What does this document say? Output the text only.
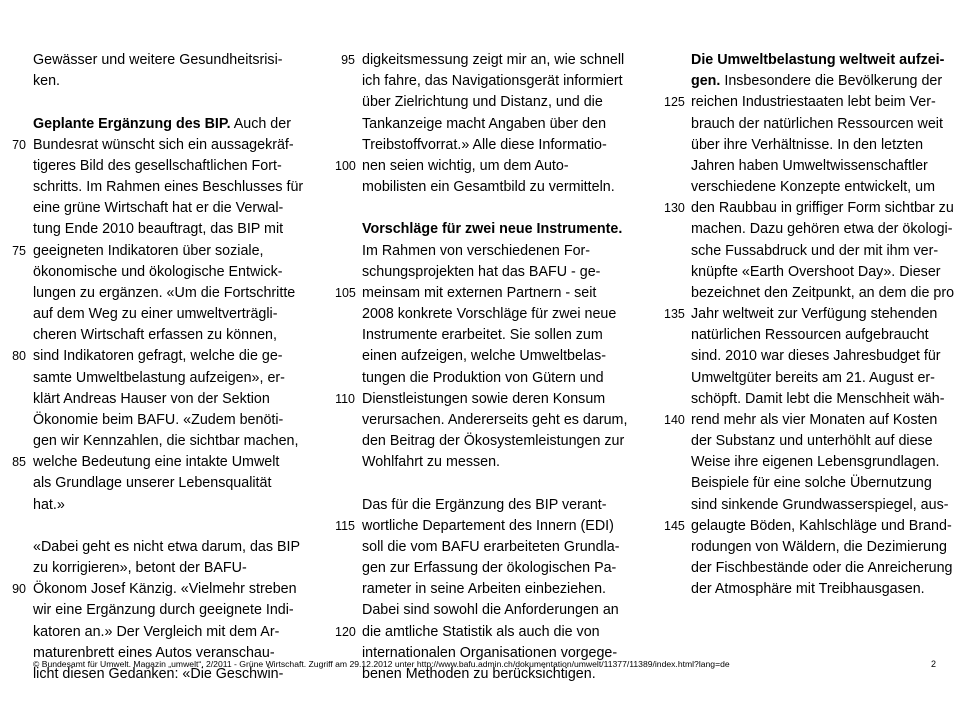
Gewässer und weitere Gesundheitsrisi-
ken.
Geplante Ergänzung des BIP. Auch der
70 Bundesrat wünscht sich ein aussagekräf-
tigeres Bild des gesellschaftlichen Fort-
schritts. Im Rahmen eines Beschlusses für
eine grüne Wirtschaft hat er die Verwal-
tung Ende 2010 beauftragt, das BIP mit
75 geeigneten Indikatoren über soziale,
ökonomische und ökologische Entwick-
lungen zu ergänzen. «Um die Fortschritte
auf dem Weg zu einer umweltverträgli-
cheren Wirtschaft erfassen zu können,
80 sind Indikatoren gefragt, welche die ge-
samte Umweltbelastung aufzeigen», er-
klärt Andreas Hauser von der Sektion
Ökonomie beim BAFU. «Zudem benöti-
gen wir Kennzahlen, die sichtbar machen,
85 welche Bedeutung eine intakte Umwelt
als Grundlage unserer Lebensqualität
hat.»
«Dabei geht es nicht etwa darum, das BIP
zu korrigieren», betont der BAFU-
90 Ökonom Josef Känzig. «Vielmehr streben
wir eine Ergänzung durch geeignete Indi-
katoren an.» Der Vergleich mit dem Ar-
maturenbrett eines Autos veranschau-
licht diesen Gedanken: «Die Geschwin-
95 digkeitsmessung zeigt mir an, wie schnell
ich fahre, das Navigationsgerät informiert
über Zielrichtung und Distanz, und die
Tankanzeige macht Angaben über den
Treibstoffvorrat.» Alle diese Informatio-
100 nen seien wichtig, um dem Auto-
mobilisten ein Gesamtbild zu vermitteln.
Vorschläge für zwei neue Instrumente.
Im Rahmen von verschiedenen For-
schungsprojekten hat das BAFU - ge-
105 meinsam mit externen Partnern - seit
2008 konkrete Vorschläge für zwei neue
Instrumente erarbeitet. Sie sollen zum
einen aufzeigen, welche Umweltbelas-
tungen die Produktion von Gütern und
110 Dienstleistungen sowie deren Konsum
verursachen. Andererseits geht es darum,
den Beitrag der Ökosystemleistungen zur
Wohlfahrt zu messen.
Das für die Ergänzung des BIP verant-
115 wortliche Departement des Innern (EDI)
soll die vom BAFU erarbeiteten Grundla-
gen zur Erfassung der ökologischen Pa-
rameter in seine Arbeiten einbeziehen.
Dabei sind sowohl die Anforderungen an
120 die amtliche Statistik als auch die von
internationalen Organisationen vorgege-
benen Methoden zu berücksichtigen.
Die Umweltbelastung weltweit aufzei-
gen. Insbesondere die Bevölkerung der
125 reichen Industriestaaten lebt beim Ver-
brauch der natürlichen Ressourcen weit
über ihre Verhältnisse. In den letzten
Jahren haben Umweltwissenschaftler
verschiedene Konzepte entwickelt, um
130 den Raubbau in griffiger Form sichtbar zu
machen. Dazu gehören etwa der ökologi-
sche Fussabdruck und der mit ihm ver-
knüpfte «Earth Overshoot Day». Dieser
bezeichnet den Zeitpunkt, an dem die pro
135 Jahr weltweit zur Verfügung stehenden
natürlichen Ressourcen aufgebraucht
sind. 2010 war dieses Jahresbudget für
Umweltgüter bereits am 21. August er-
schöpft. Damit lebt die Menschheit wäh-
140 rend mehr als vier Monaten auf Kosten
der Substanz und unterhöhlt auf diese
Weise ihre eigenen Lebensgrundlagen.
Beispiele für eine solche Übernutzung
sind sinkende Grundwasserspiegel, aus-
145 gelaugte Böden, Kahlschläge und Brand-
rodungen von Wäldern, die Dezimierung
der Fischbestände oder die Anreicherung
der Atmosphäre mit Treibhausgasen.
© Bundesamt für Umwelt. Magazin „umwelt“, 2/2011 - Grüne Wirtschaft. Zugriff am 29.12.2012 unter http://www.bafu.admin.ch/dokumentation/umwelt/11377/11389/index.html?lang=de	2
